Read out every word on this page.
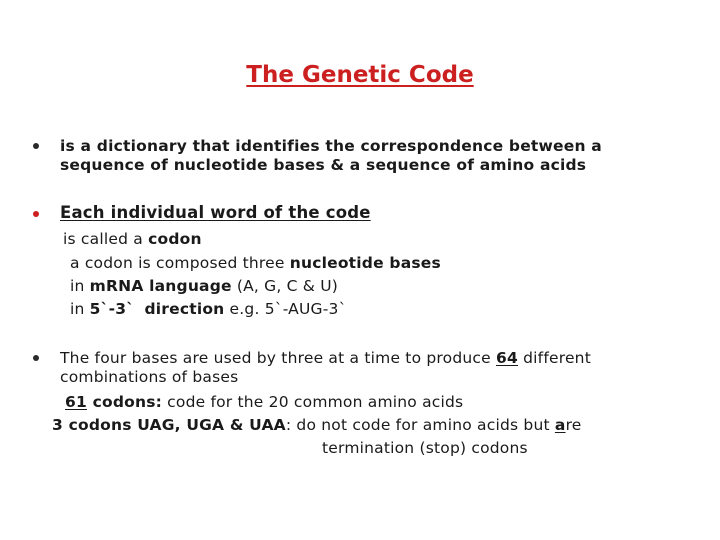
The Genetic Code
is a dictionary that identifies the correspondence between a
sequence of nucleotide bases & a sequence of amino acids
Each individual word of the code
is called a codon
a codon is composed three nucleotide bases
in mRNA language (A, G, C & U)
in 5`-3` direction e.g. 5`-AUG-3`
The four bases are used by three at a time to produce 64 different
combinations of bases
61 codons: code for the 20 common amino acids
3 codons UAG, UGA & UAA: do not code for amino acids but are
termination (stop) codons
